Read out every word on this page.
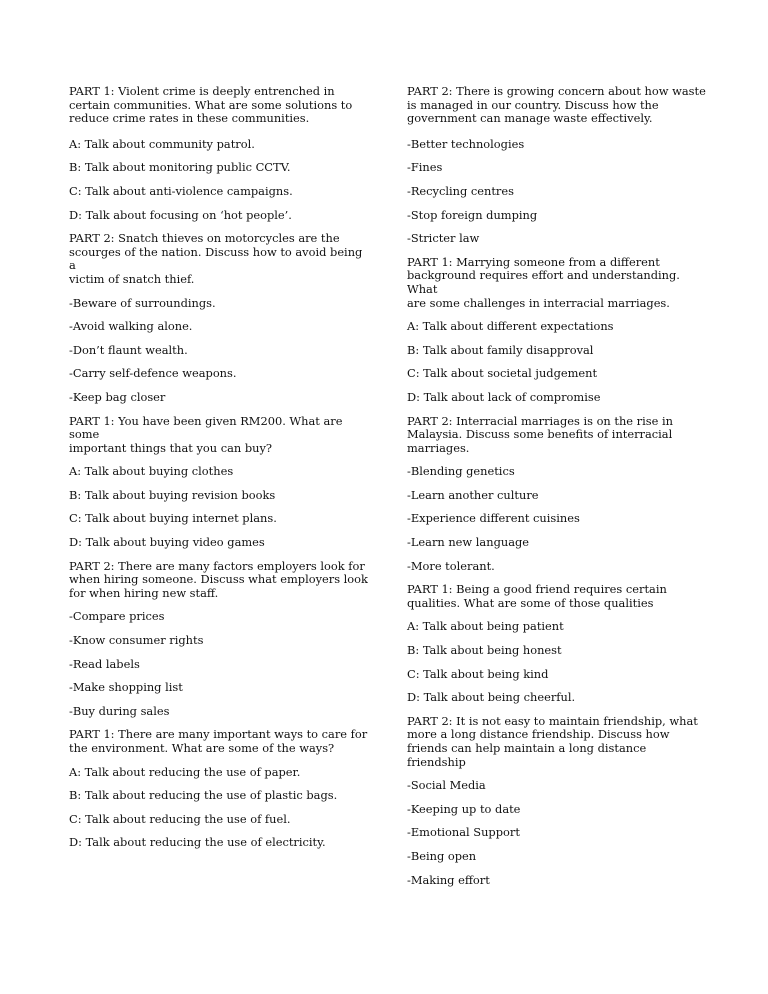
PART 1: Violent crime is deeply entrenched in
certain communities. What are some solutions to
reduce crime rates in these communities.

A: Talk about community patrol.

B: Talk about monitoring public CCTV.

C: Talk about anti-violence campaigns.

D: Talk about focusing on ‘hot people’.

PART 2: Snatch thieves on motorcycles are the
scourges of the nation. Discuss how to avoid being a
victim of snatch thief.

-Beware of surroundings.

-Avoid walking alone.

-Don’t flaunt wealth.

-Carry self-defence weapons.

-Keep bag closer

PART 1: You have been given RM200. What are some
important things that you can buy?

A: Talk about buying clothes

B: Talk about buying revision books

C: Talk about buying internet plans.

D: Talk about buying video games

PART 2: There are many factors employers look for
when hiring someone. Discuss what employers look
for when hiring new staff.

-Compare prices

-Know consumer rights

-Read labels

-Make shopping list

-Buy during sales

PART 1: There are many important ways to care for
the environment. What are some of the ways?

A: Talk about reducing the use of paper.

B: Talk about reducing the use of plastic bags.

C: Talk about reducing the use of fuel.

D: Talk about reducing the use of electricity.

PART 2: There is growing concern about how waste
is managed in our country. Discuss how the
government can manage waste effectively.

-Better technologies

-Fines

-Recycling centres

-Stop foreign dumping

-Stricter law

PART 1: Marrying someone from a different
background requires effort and understanding. What
are some challenges in interracial marriages.

A: Talk about different expectations

B: Talk about family disapproval

C: Talk about societal judgement

D: Talk about lack of compromise

PART 2: Interracial marriages is on the rise in
Malaysia. Discuss some benefits of interracial
marriages.

-Blending genetics

-Learn another culture

-Experience different cuisines

-Learn new language

-More tolerant.

PART 1: Being a good friend requires certain
qualities. What are some of those qualities

A: Talk about being patient

B: Talk about being honest

C: Talk about being kind

D: Talk about being cheerful.

PART 2: It is not easy to maintain friendship, what
more a long distance friendship. Discuss how
friends can help maintain a long distance friendship

-Social Media

-Keeping up to date

-Emotional Support

-Being open

-Making effort
